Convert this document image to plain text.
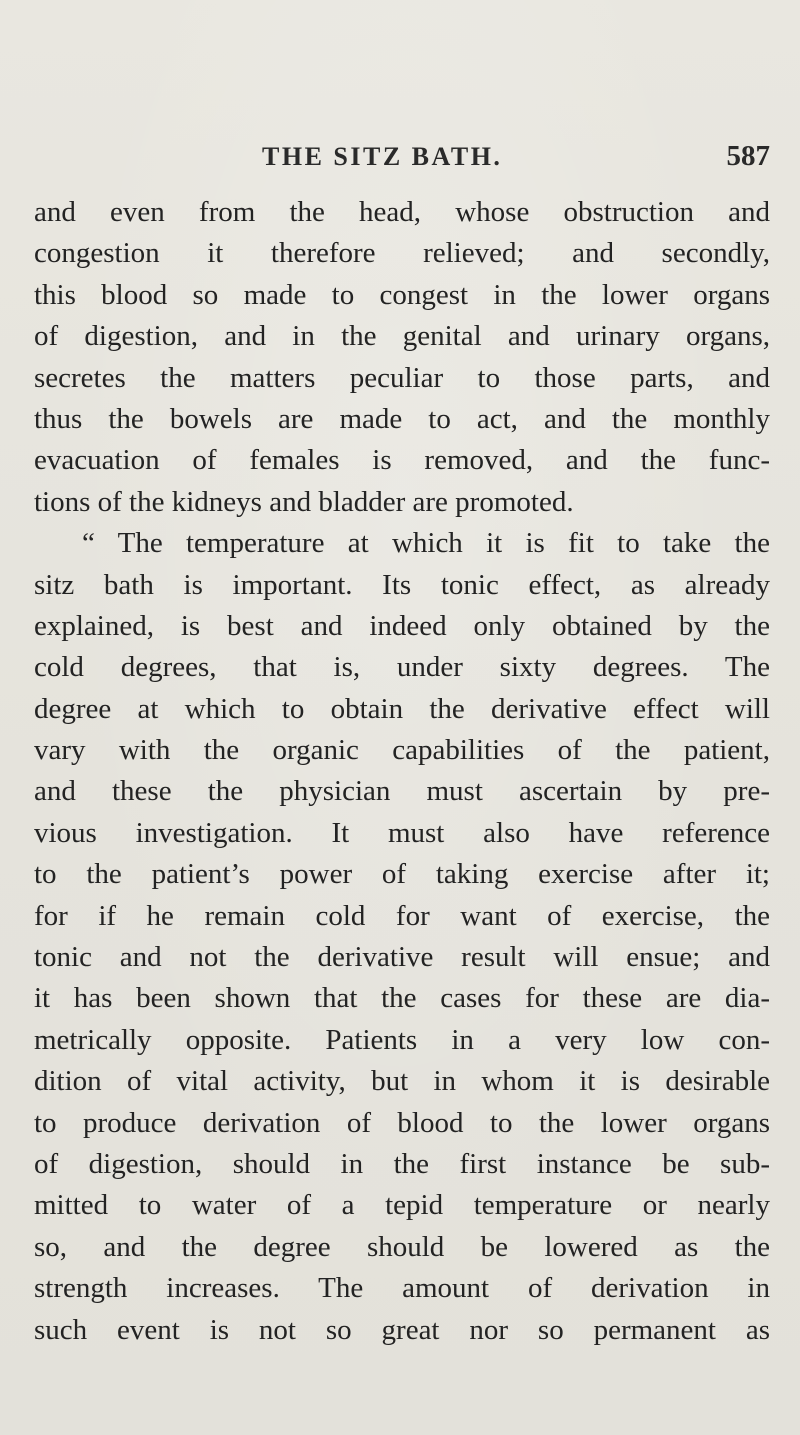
THE SITZ BATH.	587
and even from the head, whose obstruction and
congestion it therefore relieved; and secondly,
this blood so made to congest in the lower organs
of digestion, and in the genital and urinary organs,
secretes the matters peculiar to those parts, and
thus the bowels are made to act, and the monthly
evacuation of females is removed, and the func-
tions of the kidneys and bladder are promoted.
“ The temperature at which it is fit to take the
sitz bath is important. Its tonic effect, as already
explained, is best and indeed only obtained by the
cold degrees, that is, under sixty degrees. The
degree at which to obtain the derivative effect will
vary with the organic capabilities of the patient,
and these the physician must ascertain by pre-
vious investigation. It must also have reference
to the patient’s power of taking exercise after it;
for if he remain cold for want of exercise, the
tonic and not the derivative result will ensue; and
it has been shown that the cases for these are dia-
metrically opposite. Patients in a very low con-
dition of vital activity, but in whom it is desirable
to produce derivation of blood to the lower organs
of digestion, should in the first instance be sub-
mitted to water of a tepid temperature or nearly
so, and the degree should be lowered as the
strength increases. The amount of derivation in
such event is not so great nor so permanent as
